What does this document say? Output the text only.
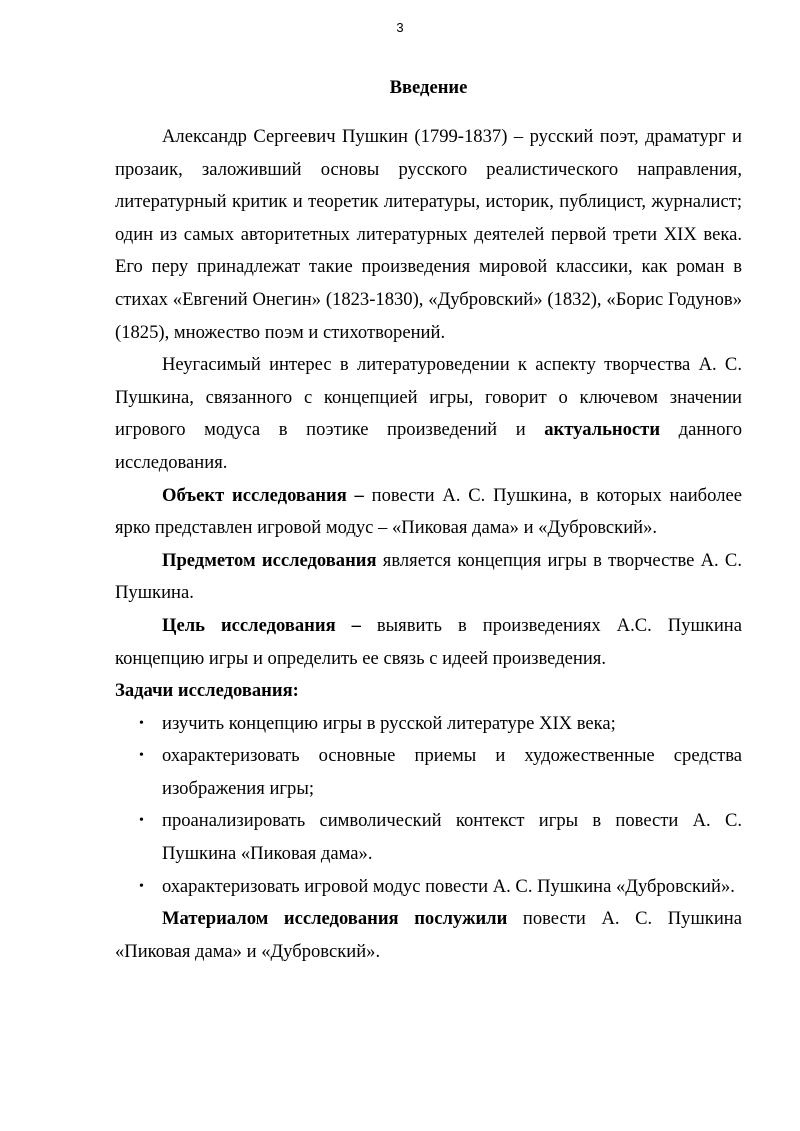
3
Введение

Александр Сергеевич Пушкин (1799-1837) – русский поэт, драматург и прозаик, заложивший основы русского реалистического направления, литературный критик и теоретик литературы, историк, публицист, журналист; один из самых авторитетных литературных деятелей первой трети XIX века. Его перу принадлежат такие произведения мировой классики, как роман в стихах «Евгений Онегин» (1823-1830), «Дубровский» (1832), «Борис Годунов» (1825), множество поэм и стихотворений.

Неугасимый интерес в литературоведении к аспекту творчества А. С. Пушкина, связанного с концепцией игры, говорит о ключевом значении игрового модуса в поэтике произведений и актуальности данного исследования.

Объект исследования – повести А. С. Пушкина, в которых наиболее ярко представлен игровой модус – «Пиковая дама» и «Дубровский».

Предметом исследования является концепция игры в творчестве А. С. Пушкина.

Цель исследования – выявить в произведениях А.С. Пушкина концепцию игры и определить ее связь с идеей произведения.

Задачи исследования:

• изучить концепцию игры в русской литературе XIX века;
• охарактеризовать основные приемы и художественные средства изображения игры;
• проанализировать символический контекст игры в повести А. С. Пушкина «Пиковая дама».
• охарактеризовать игровой модус повести А. С. Пушкина «Дубровский».

Материалом исследования послужили повести А. С. Пушкина «Пиковая дама» и «Дубровский».
